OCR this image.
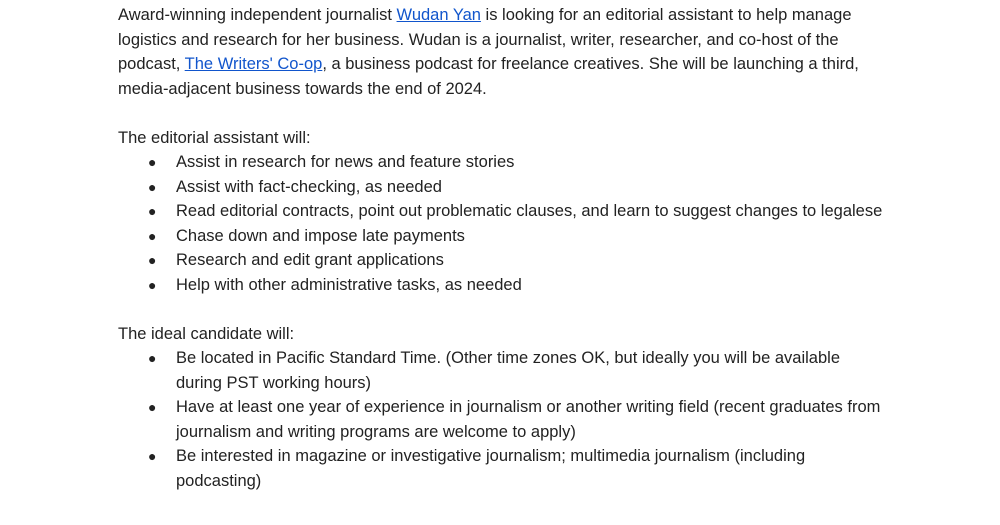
Award-winning independent journalist Wudan Yan is looking for an editorial assistant to help manage logistics and research for her business. Wudan is a journalist, writer, researcher, and co-host of the podcast, The Writers' Co-op, a business podcast for freelance creatives. She will be launching a third, media-adjacent business towards the end of 2024.

The editorial assistant will:

● Assist in research for news and feature stories
● Assist with fact-checking, as needed
● Read editorial contracts, point out problematic clauses, and learn to suggest changes to legalese
● Chase down and impose late payments
● Research and edit grant applications
● Help with other administrative tasks, as needed

The ideal candidate will:

● Be located in Pacific Standard Time. (Other time zones OK, but ideally you will be available during PST working hours)
● Have at least one year of experience in journalism or another writing field (recent graduates from journalism and writing programs are welcome to apply)
● Be interested in magazine or investigative journalism; multimedia journalism (including podcasting)
